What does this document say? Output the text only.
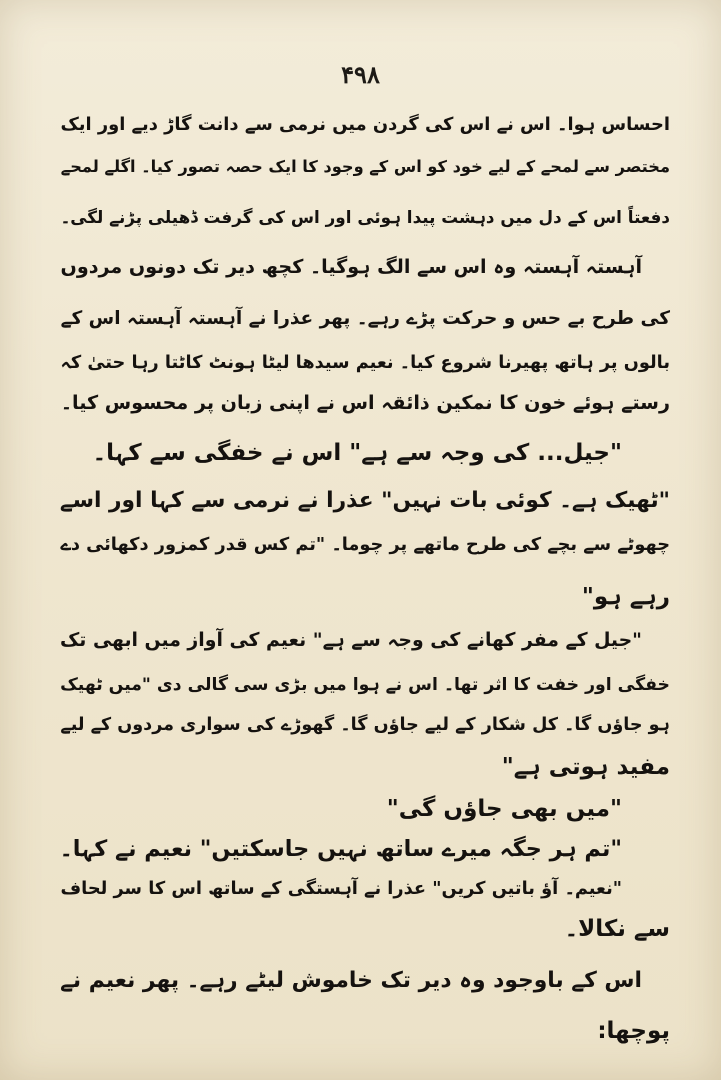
۴۹۸
احساس ہوا۔ اس نے اس کی گردن میں نرمی سے دانت گاڑ دیے اور ایک
مختصر سے لمحے کے لیے خود کو اس کے وجود کا ایک حصہ تصور کیا۔ اگلے لمحے
دفعتاً اس کے دل میں دہشت پیدا ہوئی اور اس کی گرفت ڈھیلی پڑنے لگی۔
آہستہ آہستہ وہ اس سے الگ ہوگیا۔ کچھ دیر تک دونوں مردوں
کی طرح بے حس و حرکت پڑے رہے۔ پھر عذرا نے آہستہ آہستہ اس کے
بالوں پر ہاتھ پھیرنا شروع کیا۔ نعیم سیدھا لیٹا ہونٹ کاٹتا رہا حتیٰ کہ
رستے ہوئے خون کا نمکین ذائقہ اس نے اپنی زبان پر محسوس کیا۔
"جیل... کی وجہ سے ہے" اس نے خفگی سے کہا۔
"ٹھیک ہے۔ کوئی بات نہیں" عذرا نے نرمی سے کہا اور اسے
چھوٹے سے بچے کی طرح ماتھے پر چوما۔ "تم کس قدر کمزور دکھائی دے
رہے ہو"
"جیل کے مفر کھانے کی وجہ سے ہے" نعیم کی آواز میں ابھی تک
خفگی اور خفت کا اثر تھا۔ اس نے ہوا میں بڑی سی گالی دی "میں ٹھیک
ہو جاؤں گا۔ کل شکار کے لیے جاؤں گا۔ گھوڑے کی سواری مردوں کے لیے
مفید ہوتی ہے"
"میں بھی جاؤں گی"
"تم ہر جگہ میرے ساتھ نہیں جاسکتیں" نعیم نے کہا۔
"نعیم۔ آؤ باتیں کریں" عذرا نے آہستگی کے ساتھ اس کا سر لحاف
سے نکالا۔
اس کے باوجود وہ دیر تک خاموش لیٹے رہے۔ پھر نعیم نے
پوچھا:
